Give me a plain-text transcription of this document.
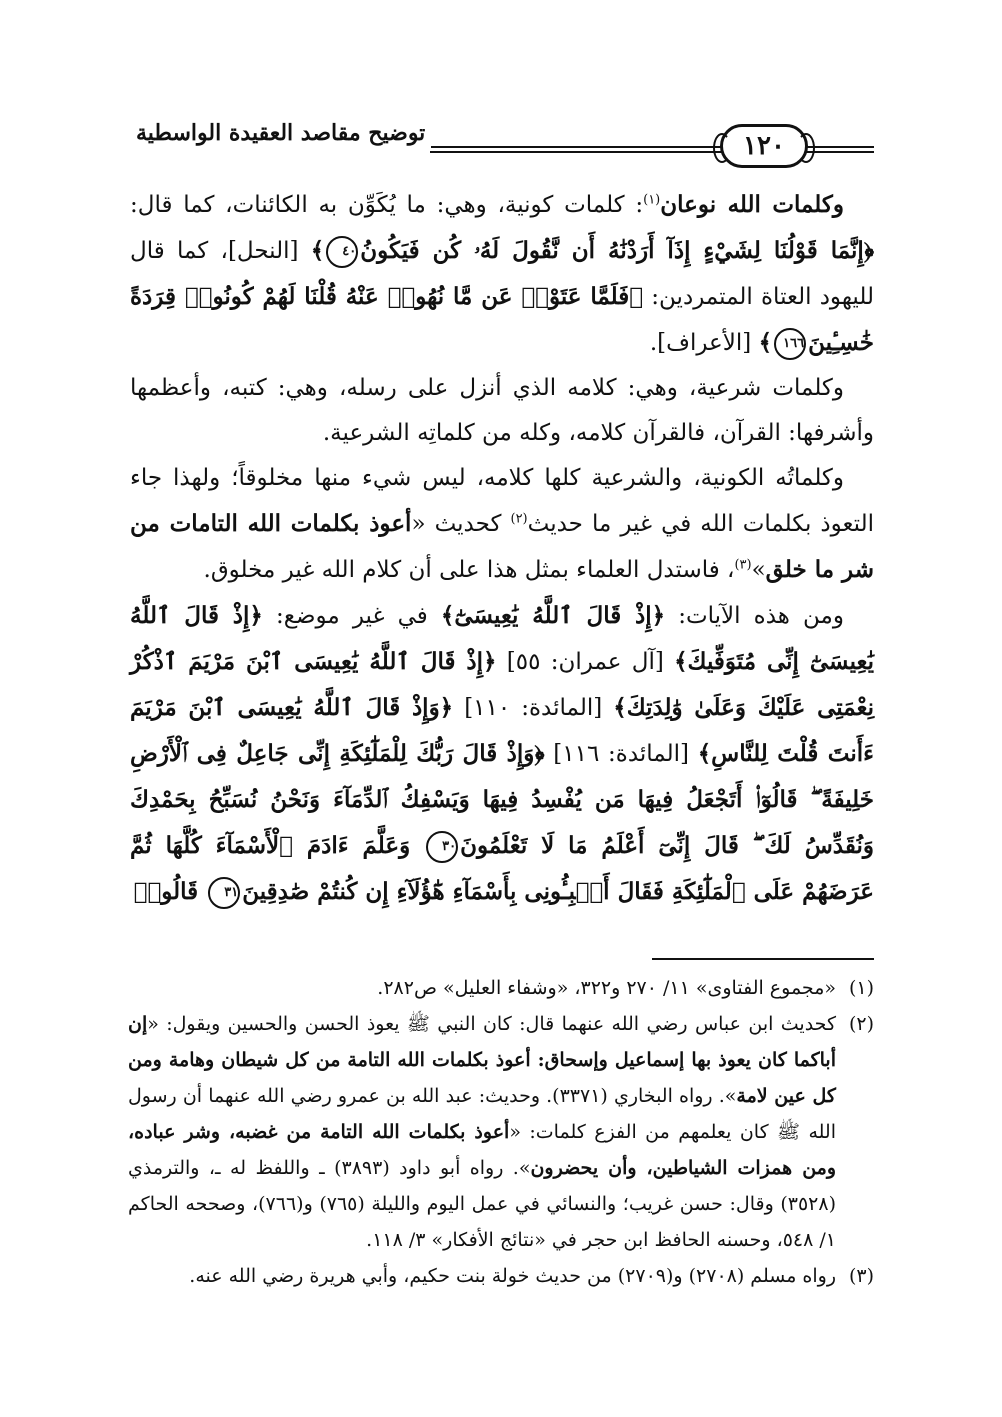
١٢٠
توضيح مقاصد العقيدة الواسطية

وكلمات الله نوعان$^{(١)}$: كلمات كونية، وهي: ما يُكَوِّن به الكائنات، كما قال: ﴿إِنَّمَا قَوْلُنَا لِشَيْءٍ إِذَآ أَرَدْنَٰهُ أَن نَّقُولَ لَهُۥ كُن فَيَكُونُ٤٠﴾ [النحل]، كما قال لليهود العتاة المتمردين: ﴿فَلَمَّا عَتَوْا۟ عَن مَّا نُهُوا۟ عَنْهُ قُلْنَا لَهُمْ كُونُوا۟ قِرَدَةً خَٰسِـِٔينَ١٦٦﴾ [الأعراف].

وكلمات شرعية، وهي: كلامه الذي أنزل على رسله، وهي: كتبه، وأعظمها وأشرفها: القرآن، فالقرآن كلامه، وكله من كلماتِه الشرعية.

وكلماتُه الكونية، والشرعية كلها كلامه، ليس شيء منها مخلوقاً؛ ولهذا جاء التعوذ بكلمات الله في غير ما حديث$^{(٢)}$ كحديث «أعوذ بكلمات الله التامات من شر ما خلق»$^{(٣)}$، فاستدل العلماء بمثل هذا على أن كلام الله غير مخلوق.

ومن هذه الآيات: ﴿إِذْ قَالَ ٱللَّهُ يَٰعِيسَىٰٓ﴾ في غير موضع: ﴿إِذْ قَالَ ٱللَّهُ يَٰعِيسَىٰٓ إِنِّى مُتَوَفِّيكَ﴾ [آل عمران: ٥٥] ﴿إِذْ قَالَ ٱللَّهُ يَٰعِيسَى ٱبْنَ مَرْيَمَ ٱذْكُرْ نِعْمَتِى عَلَيْكَ وَعَلَىٰ وَٰلِدَتِكَ﴾ [المائدة: ١١٠] ﴿وَإِذْ قَالَ ٱللَّهُ يَٰعِيسَى ٱبْنَ مَرْيَمَ ءَأَنتَ قُلْتَ لِلنَّاسِ﴾ [المائدة: ١١٦] ﴿وَإِذْ قَالَ رَبُّكَ لِلْمَلَٰٓئِكَةِ إِنِّى جَاعِلٌ فِى ٱلْأَرْضِ خَلِيفَةً ۖ قَالُوٓا۟ أَتَجْعَلُ فِيهَا مَن يُفْسِدُ فِيهَا وَيَسْفِكُ ٱلدِّمَآءَ وَنَحْنُ نُسَبِّحُ بِحَمْدِكَ وَنُقَدِّسُ لَكَ ۖ قَالَ إِنِّىٓ أَعْلَمُ مَا لَا تَعْلَمُونَ٣٠ وَعَلَّمَ ءَادَمَ ٱلْأَسْمَآءَ كُلَّهَا ثُمَّ عَرَضَهُمْ عَلَى ٱلْمَلَٰٓئِكَةِ فَقَالَ أَنۢبِـُٔونِى بِأَسْمَآءِ هَٰٓؤُلَآءِ إِن كُنتُمْ صَٰدِقِينَ٣١ قَالُوا۟

(١)«مجموع الفتاوى» ١١/ ٢٧٠ و٣٢٢، «وشفاء العليل» ص٢٨٢.

(٢)كحديث ابن عباس رضي الله عنهما قال: كان النبي ﷺ يعوذ الحسن والحسين ويقول: «إن أباكما كان يعوذ بها إسماعيل وإسحاق: أعوذ بكلمات الله التامة من كل شيطان وهامة ومن كل عين لامة». رواه البخاري (٣٣٧١). وحديث: عبد الله بن عمرو رضي الله عنهما أن رسول الله ﷺ كان يعلمهم من الفزع كلمات: «أعوذ بكلمات الله التامة من غضبه، وشر عباده، ومن همزات الشياطين، وأن يحضرون». رواه أبو داود (٣٨٩٣) ـ واللفظ له ـ، والترمذي (٣٥٢٨) وقال: حسن غريب؛ والنسائي في عمل اليوم والليلة (٧٦٥) و(٧٦٦)، وصححه الحاكم ١/ ٥٤٨، وحسنه الحافظ ابن حجر في «نتائج الأفكار» ٣/ ١١٨.

(٣)رواه مسلم (٢٧٠٨) و(٢٧٠٩) من حديث خولة بنت حكيم، وأبي هريرة رضي الله عنه.
